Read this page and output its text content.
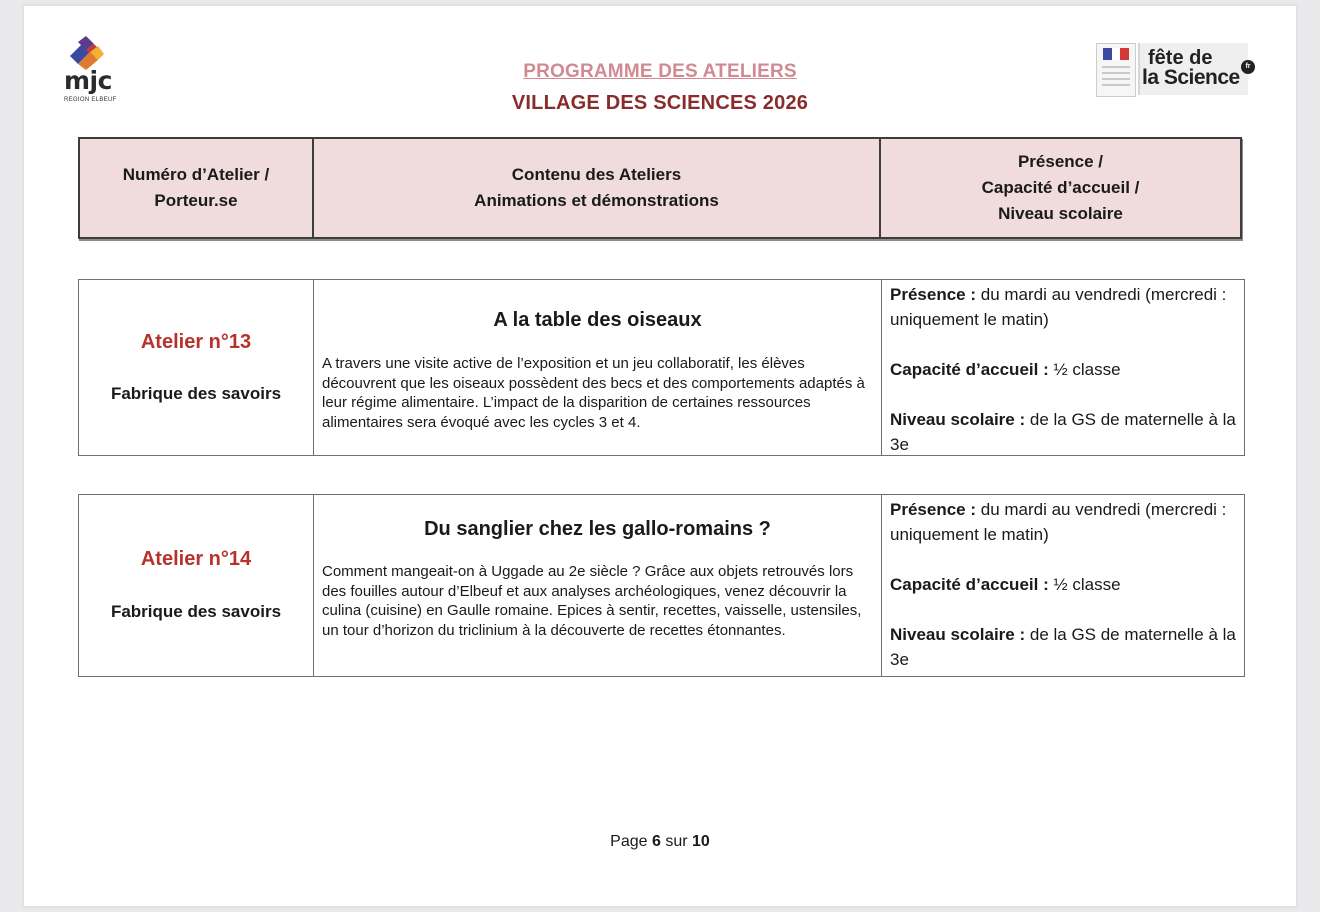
mjc
REGION ELBEUF
fête de
la Science fr
PROGRAMME DES ATELIERS
VILLAGE DES SCIENCES 2026
Numéro d’Atelier / Porteur.se
Contenu des Ateliers
Animations et démonstrations
Présence /
Capacité d’accueil /
Niveau scolaire
Atelier n°13
Fabrique des savoirs
A la table des oiseaux
A travers une visite active de l’exposition et un jeu collaboratif, les élèves découvrent que les oiseaux possèdent des becs et des comportements adaptés à leur régime alimentaire. L’impact de la disparition de certaines ressources alimentaires sera évoqué avec les cycles 3 et 4.

Présence : du mardi au vendredi (mercredi : uniquement le matin)

Capacité d’accueil : ½ classe

Niveau scolaire : de la GS de maternelle à la 3e

Atelier n°14
Fabrique des savoirs
Du sanglier chez les gallo-romains ?
Comment mangeait-on à Uggade au 2e siècle ? Grâce aux objets retrouvés lors des fouilles autour d’Elbeuf et aux analyses archéologiques, venez découvrir la culina (cuisine) en Gaulle romaine. Epices à sentir, recettes, vaisselle, ustensiles, un tour d’horizon du triclinium à la découverte de recettes étonnantes.

Présence : du mardi au vendredi (mercredi : uniquement le matin)

Capacité d’accueil : ½ classe

Niveau scolaire : de la GS de maternelle à la 3e

Page 6 sur 10
